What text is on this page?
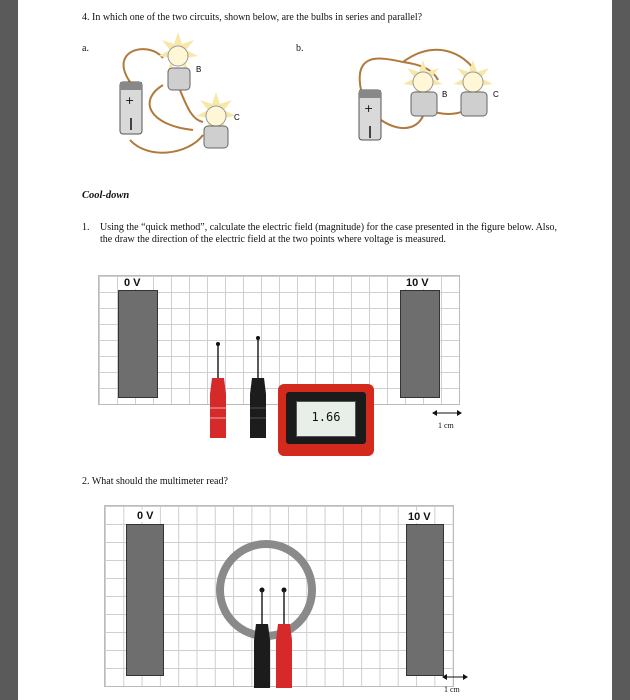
4. In which one of the two circuits, shown below, are the bulbs in series and parallel?
a.	b.
+
B
C
+
B	C
Cool-down
1. Using the “quick method”, calculate the electric field (magnitude) for the case presented in the figure below. Also, the draw the direction of the electric field at the two points where voltage is measured.
0 V	10 V
1.66
1 cm
2. What should the multimeter read?
0 V	10 V
1 cm
